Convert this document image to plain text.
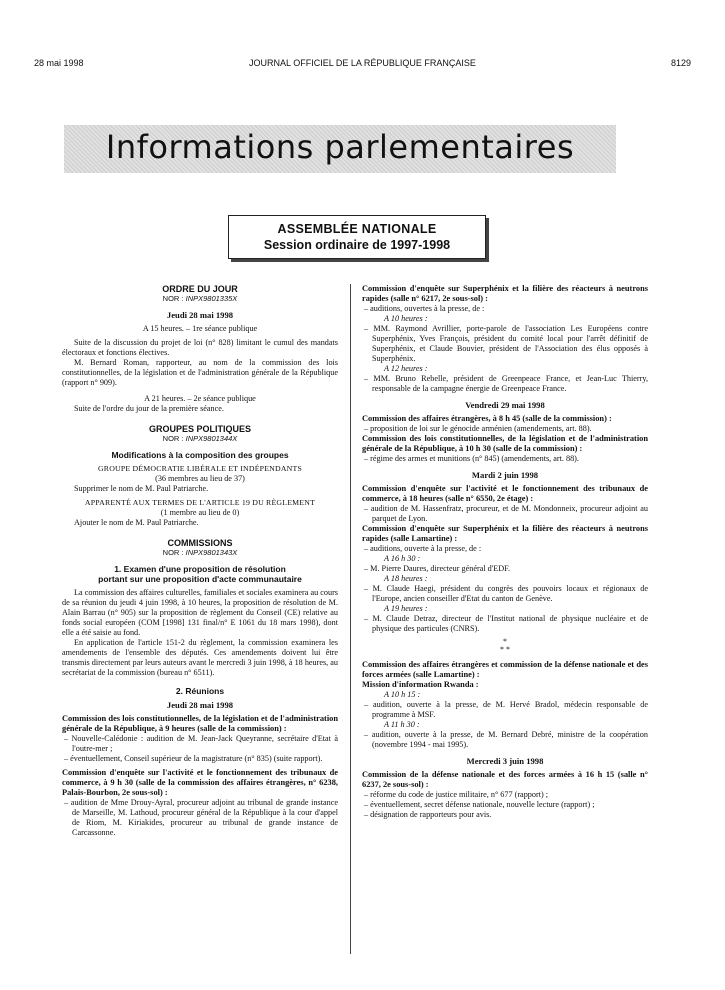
28 mai 1998	JOURNAL OFFICIEL DE LA RÉPUBLIQUE FRANÇAISE	8129
Informations parlementaires
ASSEMBLÉE NATIONALE
Session ordinaire de 1997-1998

ORDRE DU JOUR

NOR : INPX9801335X

Jeudi 28 mai 1998

A 15 heures. – 1re séance publique

Suite de la discussion du projet de loi (n° 828) limitant le cumul des mandats électoraux et fonctions électives.

M. Bernard Roman, rapporteur, au nom de la commission des lois constitutionnelles, de la législation et de l'administration générale de la République (rapport n° 909).

A 21 heures. – 2e séance publique

Suite de l'ordre du jour de la première séance.

GROUPES POLITIQUES

NOR : INPX9801344X

Modifications à la composition des groupes

GROUPE DÉMOCRATIE LIBÉRALE ET INDÉPENDANTS

(36 membres au lieu de 37)

Supprimer le nom de M. Paul Patriarche.

APPARENTÉ AUX TERMES DE L'ARTICLE 19 DU RÈGLEMENT

(1 membre au lieu de 0)

Ajouter le nom de M. Paul Patriarche.

COMMISSIONS

NOR : INPX9801343X

1. Examen d'une proposition de résolution

portant sur une proposition d'acte communautaire

La commission des affaires culturelles, familiales et sociales examinera au cours de sa réunion du jeudi 4 juin 1998, à 10 heures, la proposition de résolution de M. Alain Barrau (n° 905) sur la proposition de règlement du Conseil (CE) relative au fonds social européen (COM [1998] 131 final/n° E 1061 du 18 mars 1998), dont elle a été saisie au fond.

En application de l'article 151-2 du règlement, la commission examinera les amendements de l'ensemble des députés. Ces amendements doivent lui être transmis directement par leurs auteurs avant le mercredi 3 juin 1998, à 18 heures, au secrétariat de la commission (bureau n° 6511).

2. Réunions

Jeudi 28 mai 1998

Commission des lois constitutionnelles, de la législation et de l'administration générale de la République, à 9 heures (salle de la commission) :

– Nouvelle-Calédonie : audition de M. Jean-Jack Queyranne, secrétaire d'Etat à l'outre-mer ;

– éventuellement, Conseil supérieur de la magistrature (n° 835) (suite rapport).

Commission d'enquête sur l'activité et le fonctionnement des tribunaux de commerce, à 9 h 30 (salle de la commission des affaires étrangères, n° 6238, Palais-Bourbon, 2e sous-sol) :

– audition de Mme Drouy-Ayral, procureur adjoint au tribunal de grande instance de Marseille, M. Lathoud, procureur général de la République à la cour d'appel de Riom, M. Kiriakides, procureur au tribunal de grande instance de Carcassonne.

Commission d'enquête sur Superphénix et la filière des réacteurs à neutrons rapides (salle n° 6217, 2e sous-sol) :

– auditions, ouvertes à la presse, de :

A 10 heures :

– MM. Raymond Avrillier, porte-parole de l'association Les Européens contre Superphénix, Yves François, président du comité local pour l'arrêt définitif de Superphénix, et Claude Bouvier, président de l'Association des élus opposés à Superphénix.

A 12 heures :

– MM. Bruno Rebelle, président de Greenpeace France, et Jean-Luc Thierry, responsable de la campagne énergie de Greenpeace France.

Vendredi 29 mai 1998

Commission des affaires étrangères, à 8 h 45 (salle de la commission) :

– proposition de loi sur le génocide arménien (amendements, art. 88).

Commission des lois constitutionnelles, de la législation et de l'administration générale de la République, à 10 h 30 (salle de la commission) :

– régime des armes et munitions (n° 845) (amendements, art. 88).

Mardi 2 juin 1998

Commission d'enquête sur l'activité et le fonctionnement des tribunaux de commerce, à 18 heures (salle n° 6550, 2e étage) :

– audition de M. Hassenfratz, procureur, et de M. Mondonneix, procureur adjoint au parquet de Lyon.

Commission d'enquête sur Superphénix et la filière des réacteurs à neutrons rapides (salle Lamartine) :

– auditions, ouverte à la presse, de :

A 16 h 30 :

– M. Pierre Daures, directeur général d'EDF.

A 18 heures :

– M. Claude Haegi, président du congrès des pouvoirs locaux et régionaux de l'Europe, ancien conseiller d'Etat du canton de Genève.

A 19 heures :

– M. Claude Detraz, directeur de l'Institut national de physique nucléaire et de physique des particules (CNRS).

*

* *

Commission des affaires étrangères et commission de la défense nationale et des forces armées (salle Lamartine) :

Mission d'information Rwanda :

A 10 h 15 :

– audition, ouverte à la presse, de M. Hervé Bradol, médecin responsable de programme à MSF.

A 11 h 30 :

– audition, ouverte à la presse, de M. Bernard Debré, ministre de la coopération (novembre 1994 - mai 1995).

Mercredi 3 juin 1998

Commission de la défense nationale et des forces armées à 16 h 15 (salle n° 6237, 2e sous-sol) :

– réforme du code de justice militaire, n° 677 (rapport) ;

– éventuellement, secret défense nationale, nouvelle lecture (rapport) ;

– désignation de rapporteurs pour avis.
